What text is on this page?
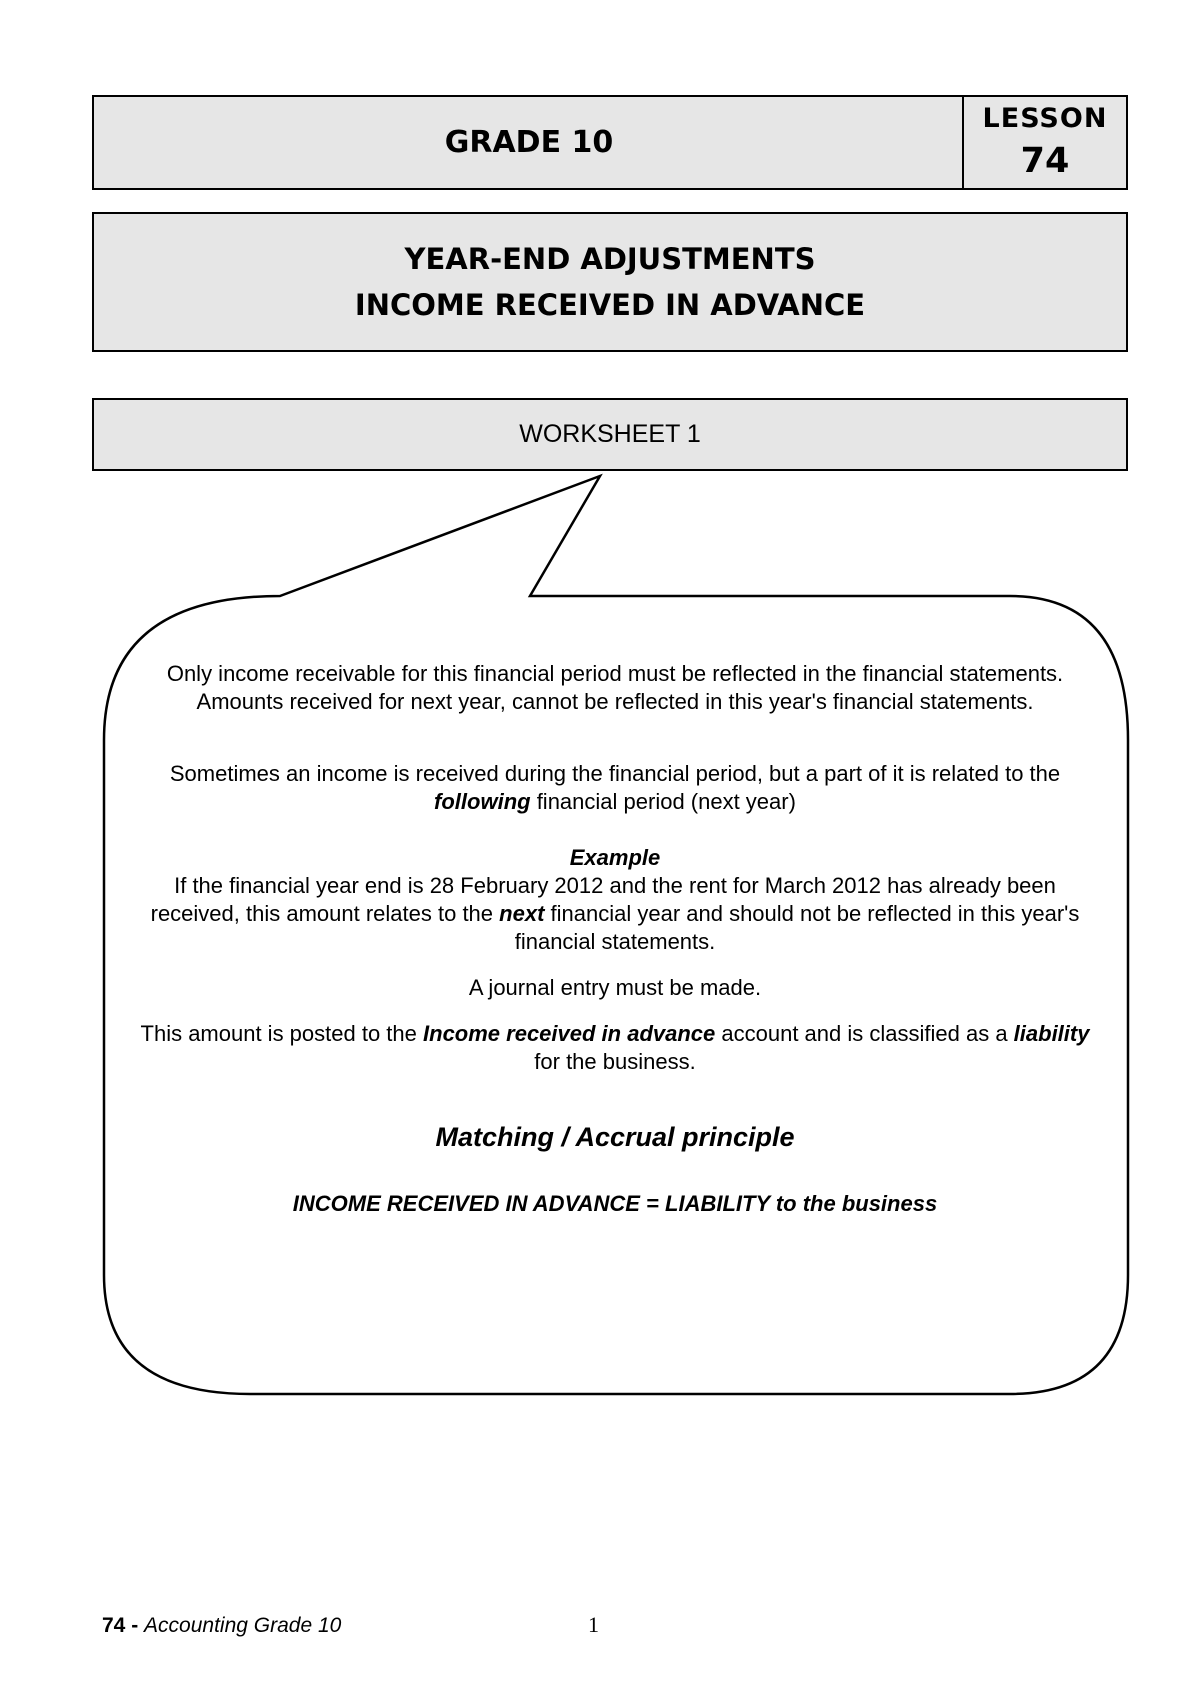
GRADE 10
LESSON
74
YEAR-END ADJUSTMENTS
INCOME RECEIVED IN ADVANCE
WORKSHEET 1

Only income receivable for this financial period must be reflected in the financial statements. Amounts received for next year, cannot be reflected in this year's financial statements.

Sometimes an income is received during the financial period, but a part of it is related to the following financial period (next year)

Example

If the financial year end is 28 February 2012 and the rent for March 2012 has already been received, this amount relates to the next financial year and should not be reflected in this year's financial statements.

A journal entry must be made.

This amount is posted to the Income received in advance account and is classified as a liability for the business.

Matching / Accrual principle

INCOME RECEIVED IN ADVANCE = LIABILITY to the business

74 - Accounting Grade 10	1
